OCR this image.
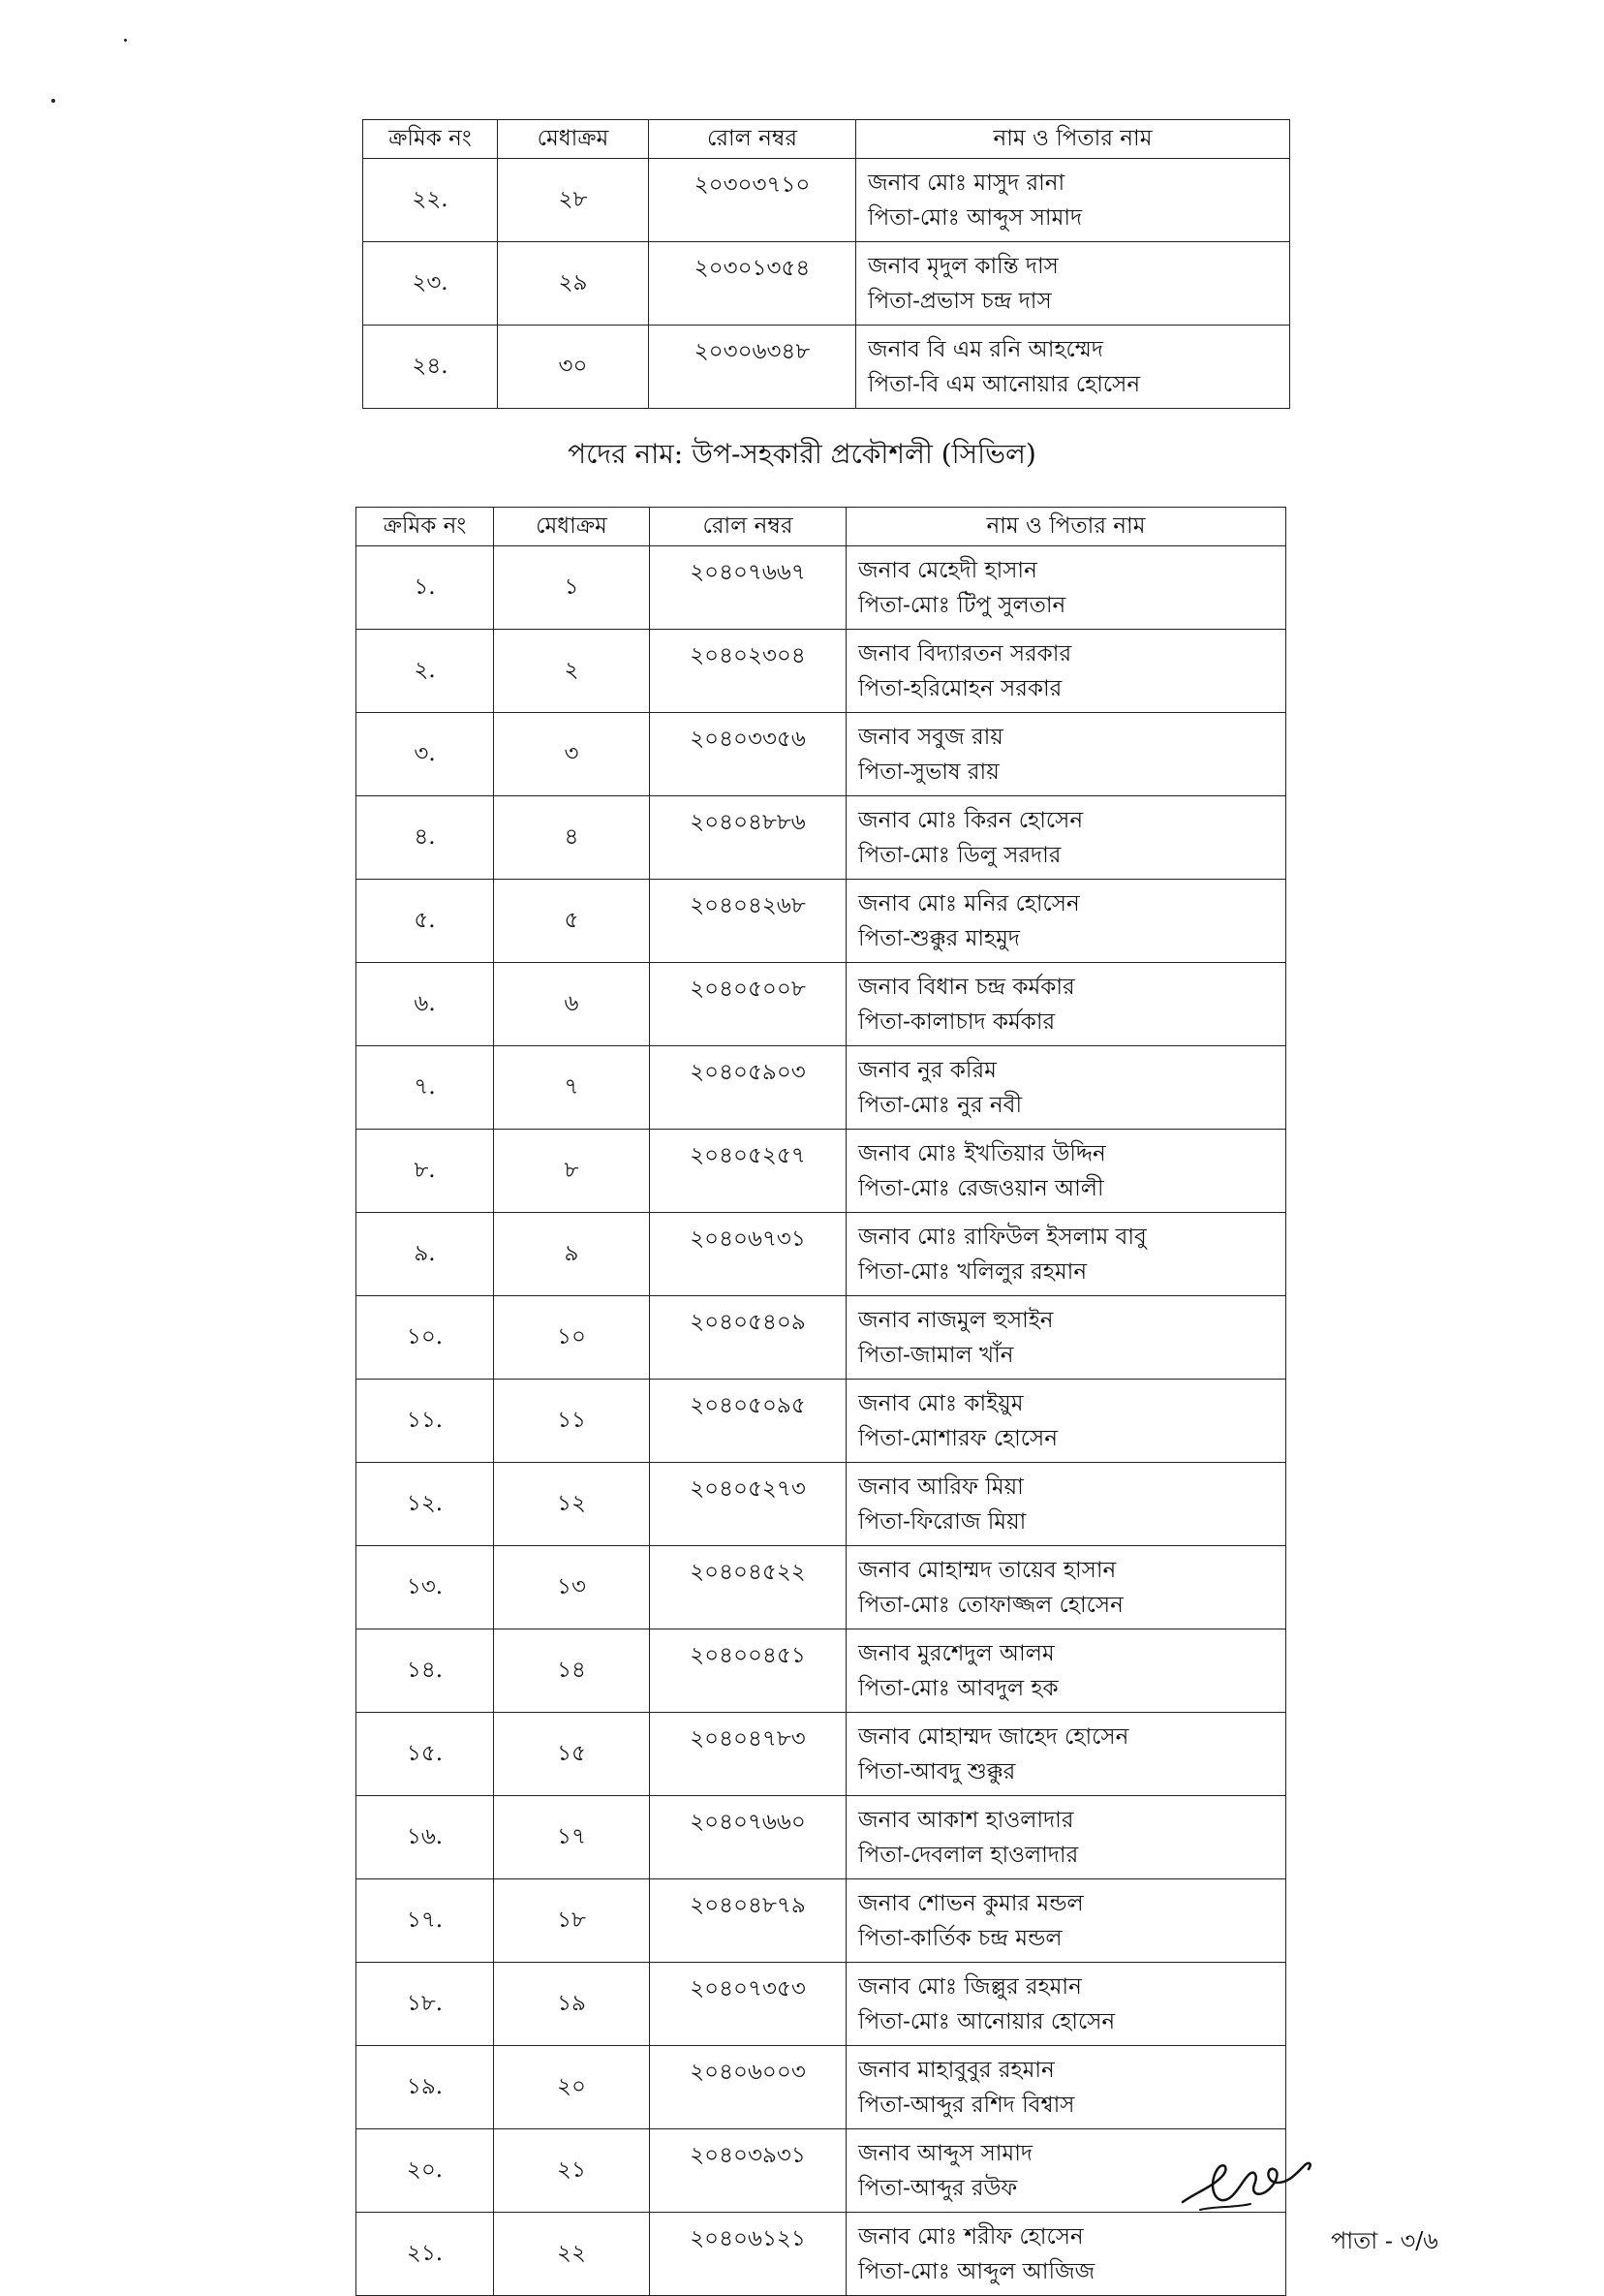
ক্রমিক নং	মেধাক্রম	রোল নম্বর	নাম ও পিতার নাম
২২.	২৮	২০৩০৩৭১০	জনাব মোঃ মাসুদ রানা
পিতা-মোঃ আব্দুস সামাদ

২৩.	২৯	২০৩০১৩৫৪	জনাব মৃদুল কান্তি দাস
পিতা-প্রভাস চন্দ্র দাস

২৪.	৩০	২০৩০৬৩৪৮	জনাব বি এম রনি আহম্মেদ
পিতা-বি এম আনোয়ার হোসেন
পদের নাম: উপ-সহকারী প্রকৌশলী (সিভিল)
ক্রমিক নং	মেধাক্রম	রোল নম্বর	নাম ও পিতার নাম
১.	১	২০৪০৭৬৬৭	জনাব মেহেদী হাসান
পিতা-মোঃ টিপু সুলতান

২.	২	২০৪০২৩০৪	জনাব বিদ্যারতন সরকার
পিতা-হরিমোহন সরকার

৩.	৩	২০৪০৩৩৫৬	জনাব সবুজ রায়
পিতা-সুভাষ রায়

৪.	৪	২০৪০৪৮৮৬	জনাব মোঃ কিরন হোসেন
পিতা-মোঃ ডিলু সরদার

৫.	৫	২০৪০৪২৬৮	জনাব মোঃ মনির হোসেন
পিতা-শুক্কুর মাহমুদ

৬.	৬	২০৪০৫০০৮	জনাব বিধান চন্দ্র কর্মকার
পিতা-কালাচাদ কর্মকার

৭.	৭	২০৪০৫৯০৩	জনাব নুর করিম
পিতা-মোঃ নুর নবী

৮.	৮	২০৪০৫২৫৭	জনাব মোঃ ইখতিয়ার উদ্দিন
পিতা-মোঃ রেজওয়ান আলী

৯.	৯	২০৪০৬৭৩১	জনাব মোঃ রাফিউল ইসলাম বাবু
পিতা-মোঃ খলিলুর রহমান

১০.	১০	২০৪০৫৪০৯	জনাব নাজমুল হুসাইন
পিতা-জামাল খাঁন

১১.	১১	২০৪০৫০৯৫	জনাব মোঃ কাইয়ুম
পিতা-মোশারফ হোসেন

১২.	১২	২০৪০৫২৭৩	জনাব আরিফ মিয়া
পিতা-ফিরোজ মিয়া

১৩.	১৩	২০৪০৪৫২২	জনাব মোহাম্মদ তায়েব হাসান
পিতা-মোঃ তোফাজ্জল হোসেন

১৪.	১৪	২০৪০০৪৫১	জনাব মুরশেদুল আলম
পিতা-মোঃ আবদুল হক

১৫.	১৫	২০৪০৪৭৮৩	জনাব মোহাম্মদ জাহেদ হোসেন
পিতা-আবদু শুক্কুর

১৬.	১৭	২০৪০৭৬৬০	জনাব আকাশ হাওলাদার
পিতা-দেবলাল হাওলাদার

১৭.	১৮	২০৪০৪৮৭৯	জনাব শোভন কুমার মন্ডল
পিতা-কার্তিক চন্দ্র মন্ডল

১৮.	১৯	২০৪০৭৩৫৩	জনাব মোঃ জিল্লুর রহমান
পিতা-মোঃ আনোয়ার হোসেন

১৯.	২০	২০৪০৬০০৩	জনাব মাহাবুবুর রহমান
পিতা-আব্দুর রশিদ বিশ্বাস

২০.	২১	২০৪০৩৯৩১	জনাব আব্দুস সামাদ
পিতা-আব্দুর রউফ

২১.	২২	২০৪০৬১২১	জনাব মোঃ শরীফ হোসেন
পিতা-মোঃ আব্দুল আজিজ
পাতা - ৩/৬
